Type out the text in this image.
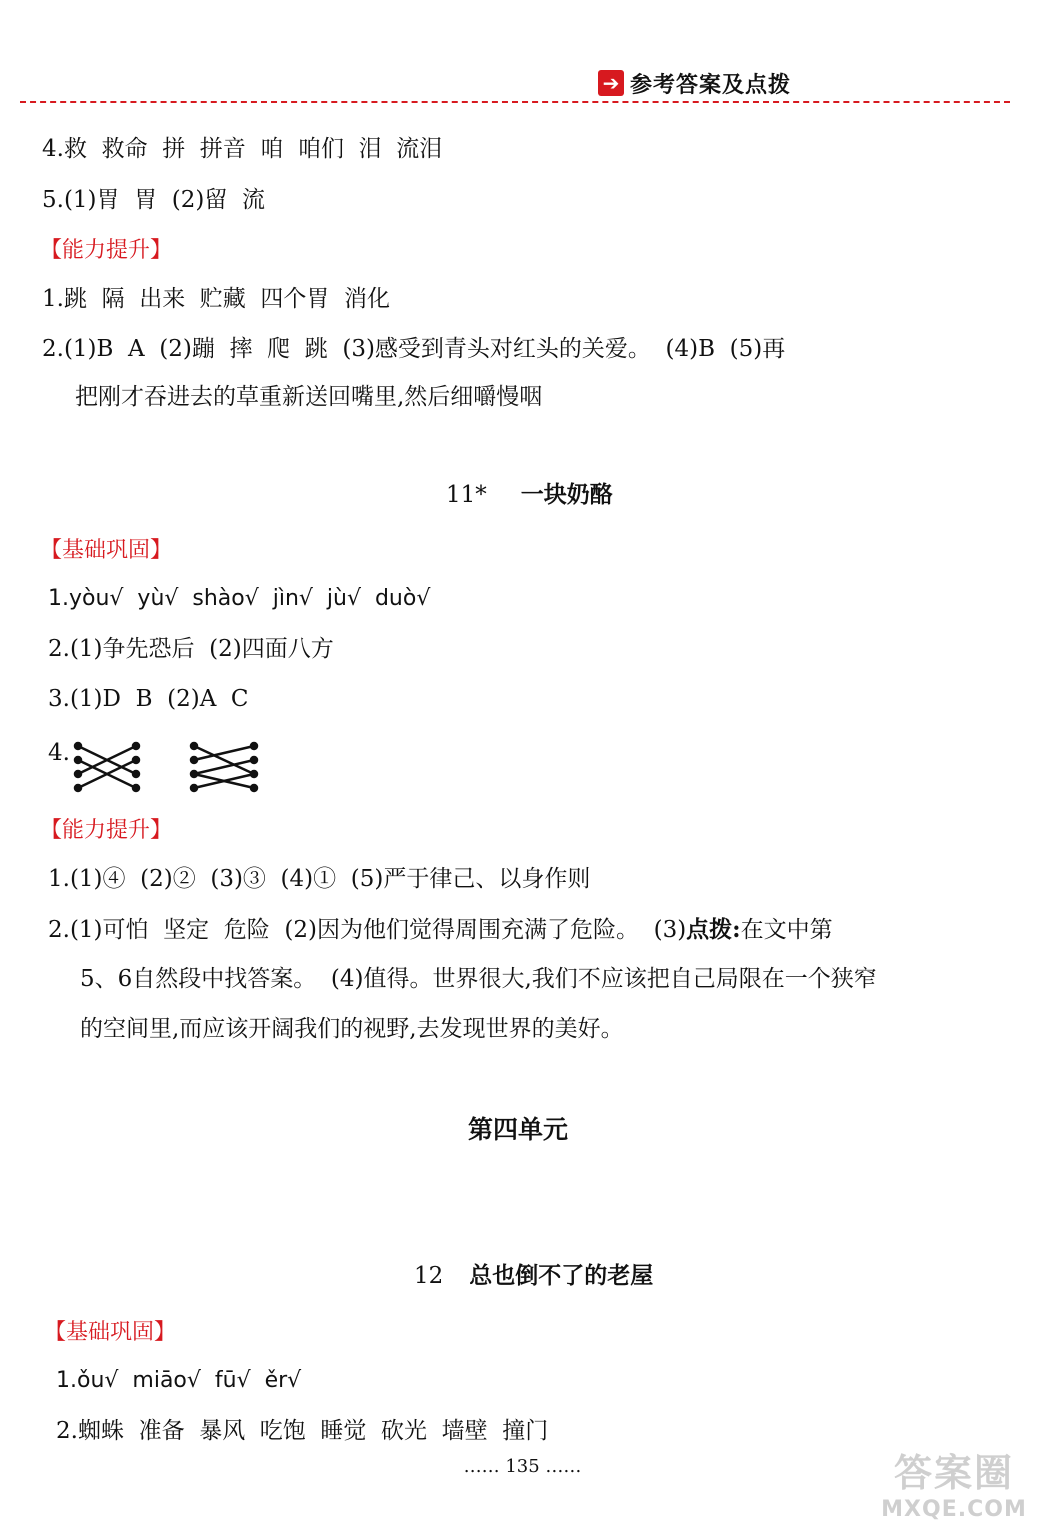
➔ 参考答案及点拨
4.救  救命  拼  拼音  咱  咱们  泪  流泪
5.(1)胃  胃  (2)留  流
【能力提升】
1.跳  隔  出来  贮藏  四个胃  消化
2.(1)B  A  (2)蹦  摔  爬  跳  (3)感受到青头对红头的关爱。  (4)B  (5)再
把刚才吞进去的草重新送回嘴里,然后细嚼慢咽

11* 一块奶酪

【基础巩固】
1.yòu√  yù√  shào√  jìn√  jù√  duò√
2.(1)争先恐后  (2)四面八方
3.(1)D  B  (2)A  C
4.
【能力提升】
1.(1)④  (2)②  (3)③  (4)①  (5)严于律己、以身作则
2.(1)可怕  坚定  危险  (2)因为他们觉得周围充满了危险。  (3)点拨:在文中第
5、6自然段中找答案。  (4)值得。世界很大,我们不应该把自己局限在一个狭窄
的空间里,而应该开阔我们的视野,去发现世界的美好。
第四单元

12 总也倒不了的老屋

【基础巩固】
1.ǒu√  miāo√  fū√  ěr√
2.蜘蛛  准备  暴风  吃饱  睡觉  砍光  墙壁  撞门
…… 135 ……	答案圈
MXQE.COM
